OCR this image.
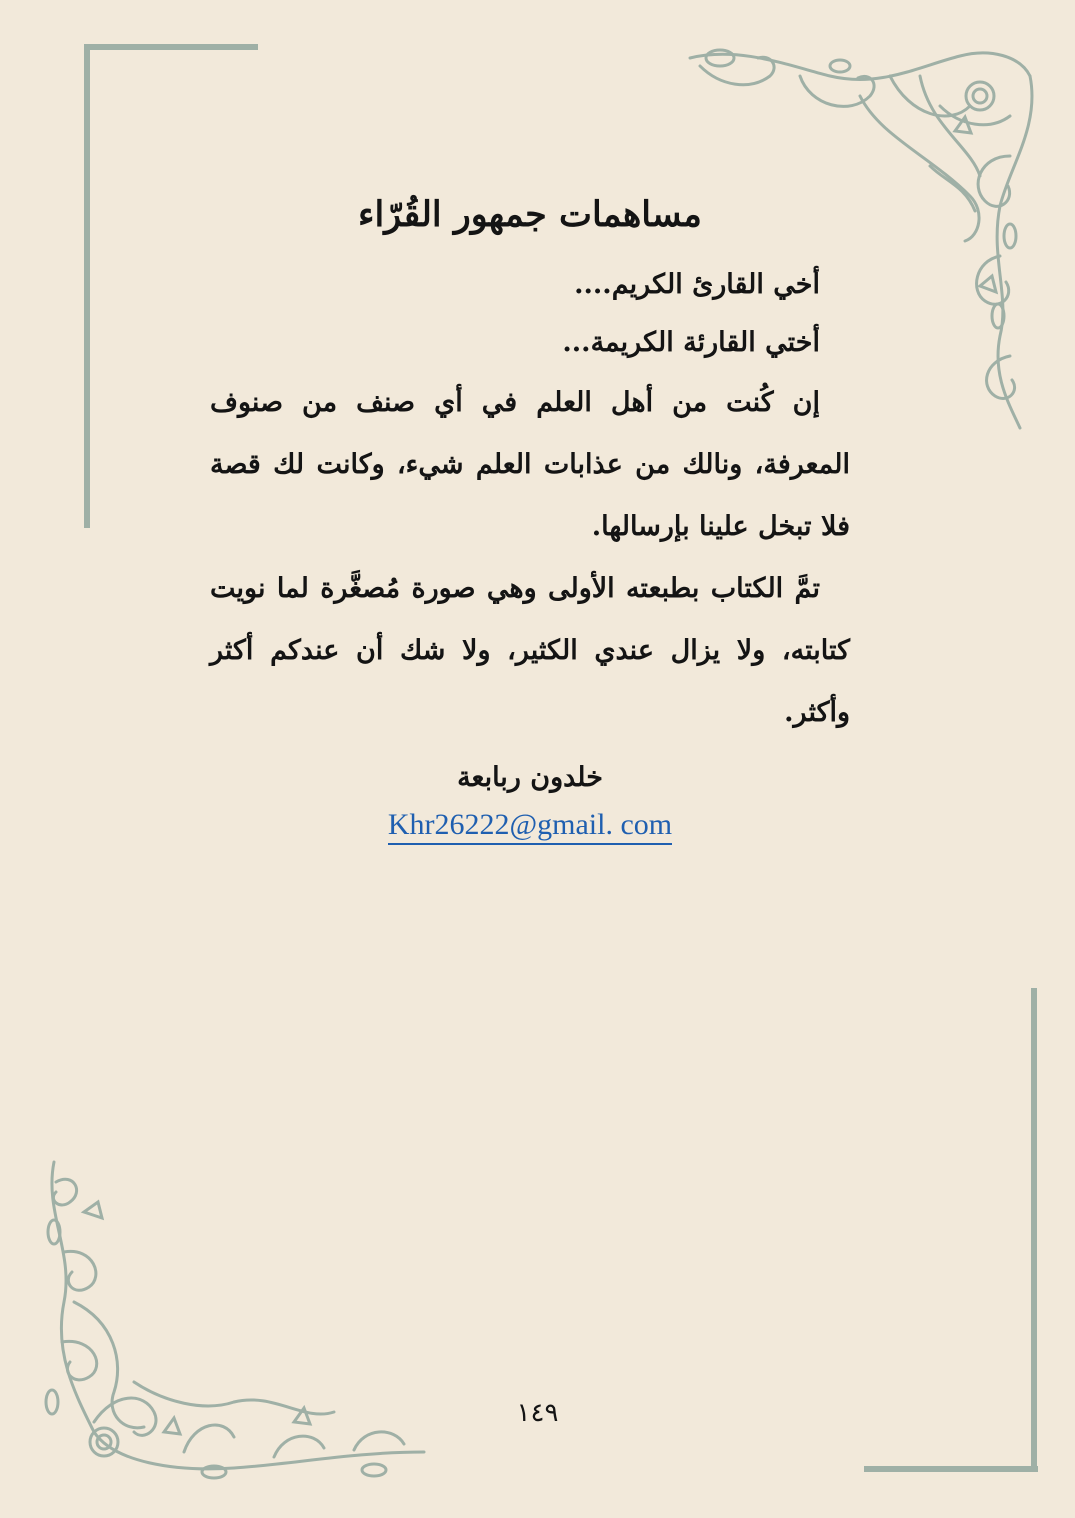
مساهمات جمهور القُرّاء

أخي القارئ الكريم....

أختي القارئة الكريمة...

إن كُنت من أهل العلم في أي صنف من صنوف المعرفة، ونالك من عذابات العلم شيء، وكانت لك قصة فلا تبخل علينا بإرسالها.

تمَّ الكتاب بطبعته الأولى وهي صورة مُصغَّرة لما نويت كتابته، ولا يزال عندي الكثير، ولا شك أن عندكم أكثر وأكثر.

خلدون ربابعة
Khr26222@gmail. com
١٤٩
